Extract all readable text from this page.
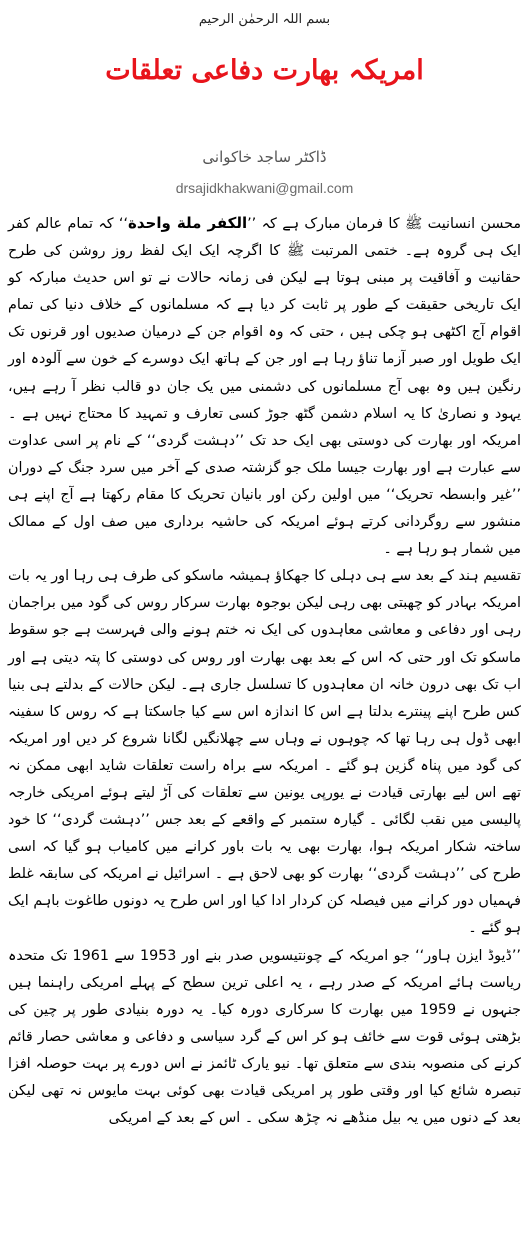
بسم اللہ الرحمٰن الرحیم
امریکہ بھارت دفاعی تعلقات
ڈاکٹر ساجد خاکوانی
drsajidkhakwani@gmail.com

محسن انسانیت ﷺ کا فرمان مبارک ہے کہ ’’الکفر ملة واحدة‘‘ کہ تمام عالم کفر ایک ہی گروہ ہے۔ ختمی المرتبت ﷺ کا اگرچہ ایک ایک لفظ روز روشن کی طرح حقانیت و آفاقیت پر مبنی ہوتا ہے لیکن فی زمانہ حالات نے تو اس حدیث مبارکہ کو ایک تاریخی حقیقت کے طور پر ثابت کر دیا ہے کہ مسلمانوں کے خلاف دنیا کی تمام اقوام آج اکٹھی ہو چکی ہیں ، حتی کہ وہ اقوام جن کے درمیان صدیوں اور قرنوں تک ایک طویل اور صبر آزما تناؤ رہا ہے اور جن کے ہاتھ ایک دوسرے کے خون سے آلودہ اور رنگین ہیں وہ بھی آج مسلمانوں کی دشمنی میں یک جان دو قالب نظر آ رہے ہیں، یہود و نصاریٰ کا یہ اسلام دشمن گٹھ جوڑ کسی تعارف و تمہید کا محتاج نہیں ہے ۔ امریکہ اور بھارت کی دوستی بھی ایک حد تک ’’دہشت گردی‘‘ کے نام پر اسی عداوت سے عبارت ہے اور بھارت جیسا ملک جو گزشتہ صدی کے آخر میں سرد جنگ کے دوران ’’غیر وابسطہ تحریک‘‘ میں اولین رکن اور بانیان تحریک کا مقام رکھتا ہے آج اپنے ہی منشور سے روگردانی کرتے ہوئے امریکہ کی حاشیہ برداری میں صف اول کے ممالک میں شمار ہو رہا ہے ۔

تقسیم ہند کے بعد سے ہی دہلی کا جھکاؤ ہمیشہ ماسکو کی طرف ہی رہا اور یہ بات امریکہ بہادر کو چھبتی بھی رہی لیکن بوجوہ بھارت سرکار روس کی گود میں براجمان رہی اور دفاعی و معاشی معاہدوں کی ایک نہ ختم ہونے والی فہرست ہے جو سقوط ماسکو تک اور حتی کہ اس کے بعد بھی بھارت اور روس کی دوستی کا پتہ دیتی ہے اور اب تک بھی درون خانہ ان معاہدوں کا تسلسل جاری ہے۔ لیکن حالات کے بدلتے ہی بنیا کس طرح اپنے پینترے بدلتا ہے اس کا اندازہ اس سے کیا جاسکتا ہے کہ روس کا سفینہ ابھی ڈول ہی رہا تھا کہ چوہوں نے وہاں سے چھلانگیں لگانا شروع کر دیں اور امریکہ کی گود میں پناہ گزین ہو گئے ۔ امریکہ سے براہ راست تعلقات شاید ابھی ممکن نہ تھے اس لیے بھارتی قیادت نے یورپی یونین سے تعلقات کی آڑ لیتے ہوئے امریکی خارجہ پالیسی میں نقب لگائی ۔ گیارہ ستمبر کے واقعے کے بعد جس ’’دہشت گردی‘‘ کا خود ساختہ شکار امریکہ ہوا، بھارت بھی یہ بات باور کرانے میں کامیاب ہو گیا کہ اسی طرح کی ’’دہشت گردی‘‘ بھارت کو بھی لاحق ہے ۔ اسرائیل نے امریکہ کی سابقہ غلط فہمیاں دور کرانے میں فیصلہ کن کردار ادا کیا اور اس طرح یہ دونوں طاغوت باہم ایک ہو گئے ۔

’’ڈیوڈ ایزن ہاور‘‘ جو امریکہ کے چونتیسویں صدر بنے اور 1953 سے 1961 تک متحدہ ریاست ہائے امریکہ کے صدر رہے ، یہ اعلی ترین سطح کے پہلے امریکی راہنما ہیں جنہوں نے 1959 میں بھارت کا سرکاری دورہ کیا۔ یہ دورہ بنیادی طور پر چین کی بڑھتی ہوئی قوت سے خائف ہو کر اس کے گرد سیاسی و دفاعی و معاشی حصار قائم کرنے کی منصوبہ بندی سے متعلق تھا۔ نیو یارک ٹائمز نے اس دورے پر بہت حوصلہ افزا تبصرہ شائع کیا اور وقتی طور پر امریکی قیادت بھی کوئی بہت مایوس نہ تھی لیکن بعد کے دنوں میں یہ بیل منڈھے نہ چڑھ سکی ۔ اس کے بعد کے امریکی
